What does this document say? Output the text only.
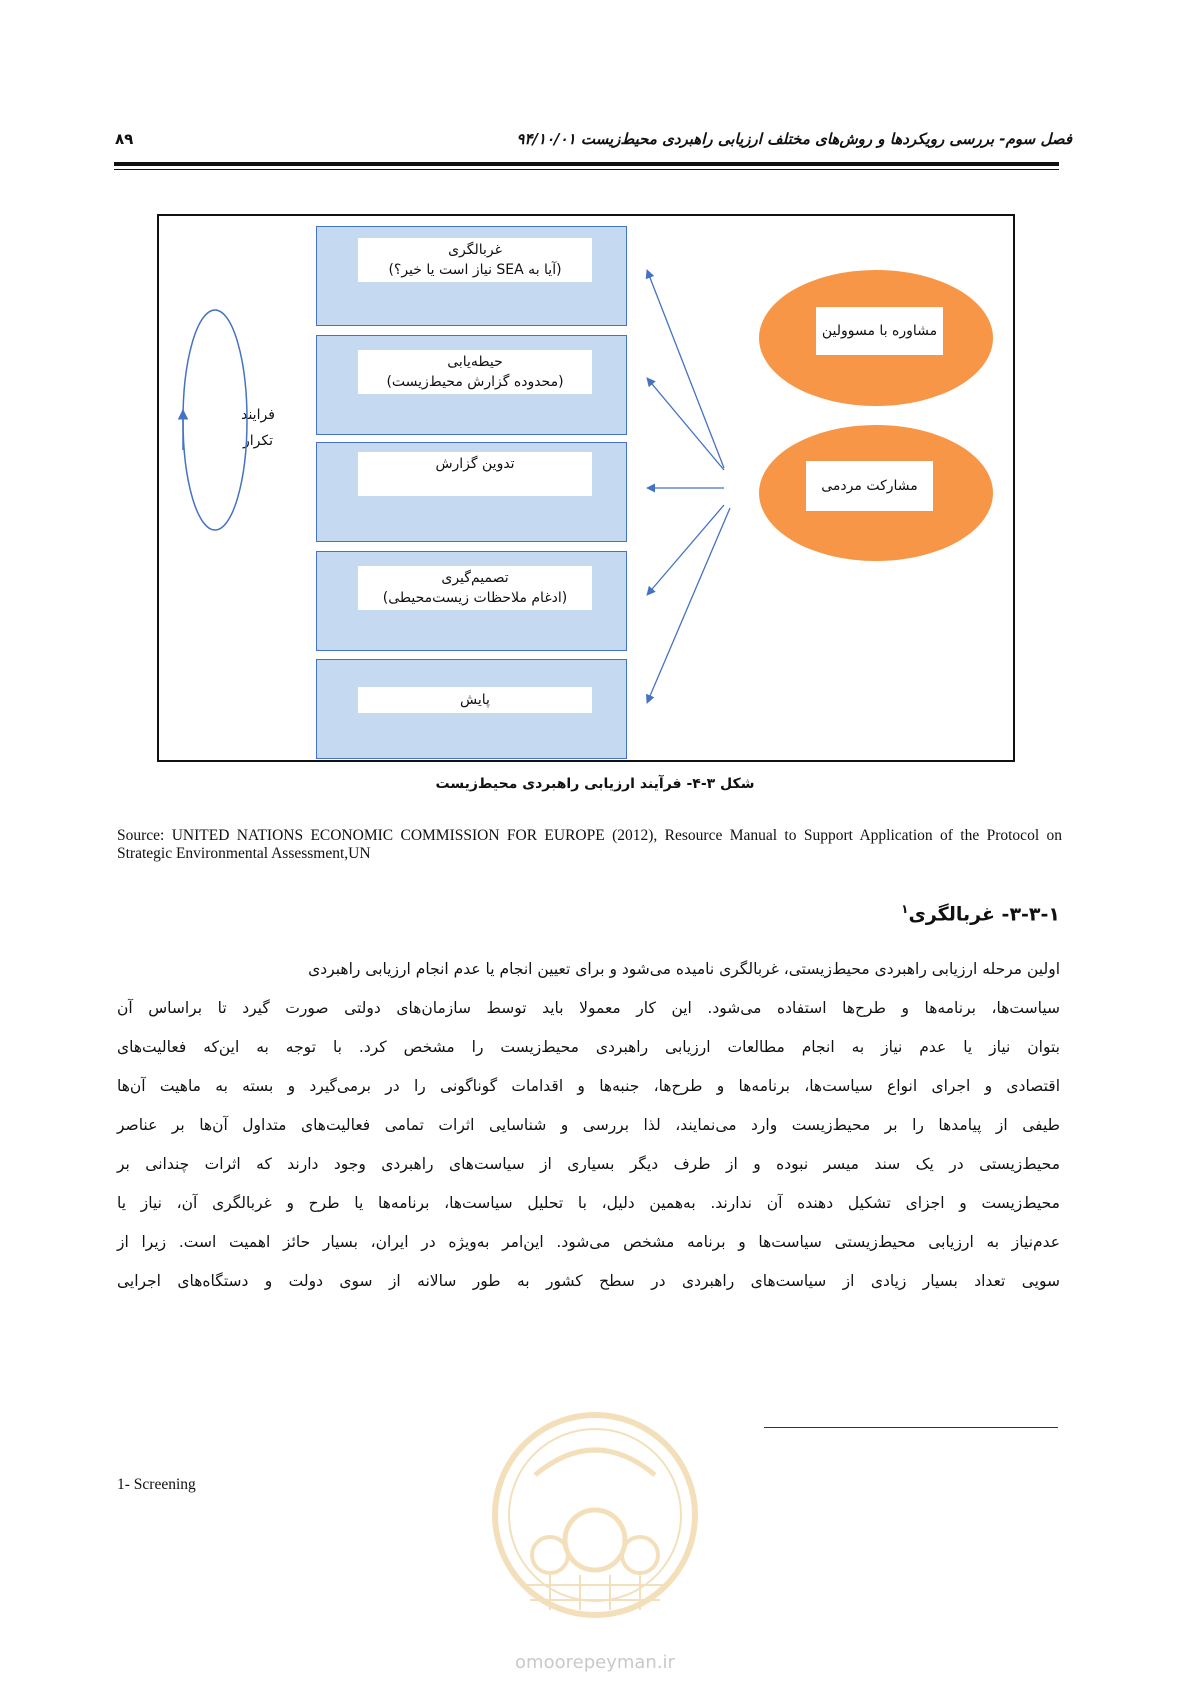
۸۹	فصل سوم- بررسی رویکردها و روش‌های مختلف ارزیابی راهبردی محیط‌زیست ۹۴/۱۰/۰۱
غربالگری
(آیا به SEA نیاز است یا خیر؟)
حیطه‌یابی
(محدوده گزارش محیط‌زیست)
تدوین گزارش
تصمیم‌گیری
(ادغام ملاحظات زیست‌محیطی)
پایش
مشاوره با مسوولین
مشارکت مردمی
فرایند
تکرار
شکل ۳-۴- فرآیند ارزیابی راهبردی محیط‌زیست
Source: UNITED NATIONS ECONOMIC COMMISSION FOR EUROPE (2012), Resource Manual to Support Application of the Protocol on Strategic Environmental Assessment,UN
۳-۳-۱- غربالگری$^۱$

اولین مرحله ارزیابی راهبردی محیط‌زیستی، غربالگری نامیده می‌شود و برای تعیین انجام یا عدم انجام ارزیابی راهبردی

سیاست‌ها، برنامه‌ها و طرح‌ها استفاده می‌شود. این کار معمولا باید توسط سازمان‌های دولتی صورت گیرد تا براساس آن

بتوان نیاز یا عدم نیاز به انجام مطالعات ارزیابی راهبردی محیط‌زیست را مشخص کرد. با توجه به این‌که فعالیت‌های

اقتصادی و اجرای انواع سیاست‌ها، برنامه‌ها و طرح‌ها، جنبه‌ها و اقدامات گوناگونی را در برمی‌گیرد و بسته به ماهیت آن‌ها

طیفی از پیامدها را بر محیط‌زیست وارد می‌نمایند، لذا بررسی و شناسایی اثرات تمامی فعالیت‌های متداول آن‌ها بر عناصر

محیط‌زیستی در یک سند میسر نبوده و از طرف دیگر بسیاری از سیاست‌های راهبردی وجود دارند که اثرات چندانی بر

محیط‌زیست و اجزای تشکیل دهنده آن ندارند. به‌همین دلیل، با تحلیل سیاست‌ها، برنامه‌ها یا طرح و غربالگری آن، نیاز یا

عدم‌نیاز به ارزیابی محیط‌زیستی سیاست‌ها و برنامه مشخص می‌شود. این‌امر به‌ویژه در ایران، بسیار حائز اهمیت است. زیرا از

سویی تعداد بسیار زیادی از سیاست‌های راهبردی در سطح کشور به طور سالانه از سوی دولت و دستگاه‌های اجرایی

1- Screening
omoorepeyman.ir
